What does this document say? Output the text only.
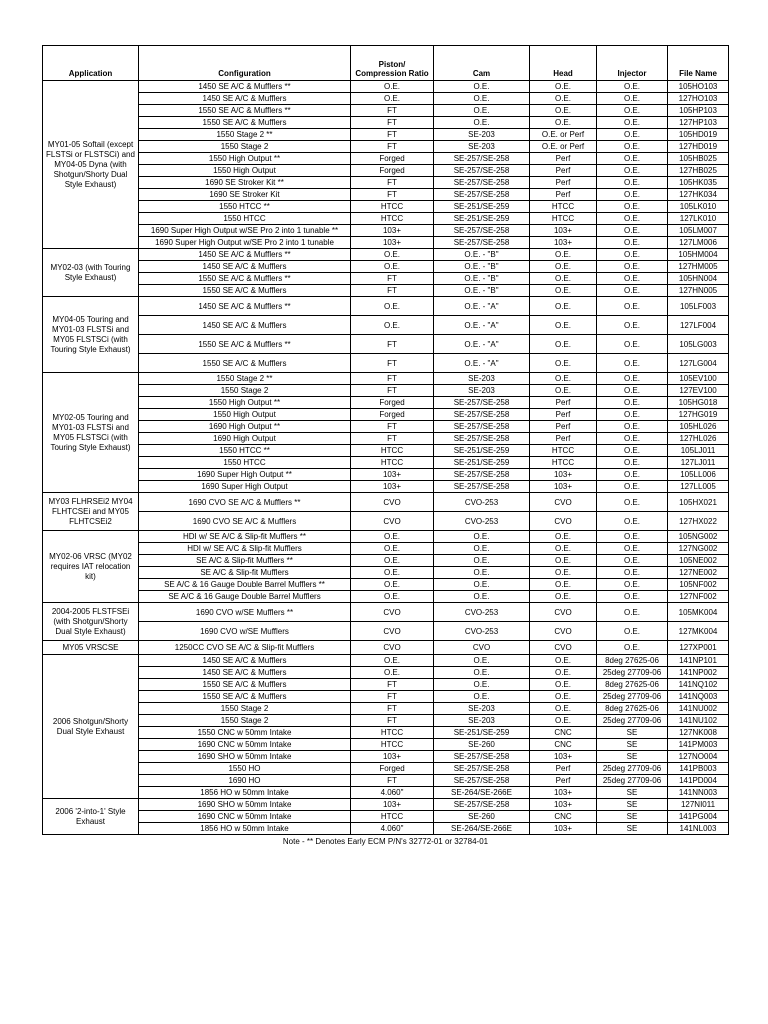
Application	Configuration	Piston/ Compression Ratio	Cam	Head	Injector	File Name
MY01-05 Softail (except FLSTSi or FLSTSCi) and MY04-05 Dyna (with Shotgun/Shorty Dual Style Exhaust)	1450 SE A/C & Mufflers **	O.E.	O.E.	O.E.	O.E.	105HO103
	1450 SE A/C & Mufflers	O.E.	O.E.	O.E.	O.E.	127HO103
	1550 SE A/C & Mufflers **	FT	O.E.	O.E.	O.E.	105HP103
	1550 SE A/C & Mufflers	FT	O.E.	O.E.	O.E.	127HP103
	1550 Stage 2 **	FT	SE-203	O.E. or Perf	O.E.	105HD019
	1550 Stage 2	FT	SE-203	O.E. or Perf	O.E.	127HD019
	1550 High Output **	Forged	SE-257/SE-258	Perf	O.E.	105HB025
	1550 High Output	Forged	SE-257/SE-258	Perf	O.E.	127HB025
	1690 SE Stroker Kit **	FT	SE-257/SE-258	Perf	O.E.	105HK035
	1690 SE Stroker Kit	FT	SE-257/SE-258	Perf	O.E.	127HK034
	1550 HTCC **	HTCC	SE-251/SE-259	HTCC	O.E.	105LK010
	1550 HTCC	HTCC	SE-251/SE-259	HTCC	O.E.	127LK010
	1690 Super High Output w/SE Pro 2 into 1 tunable **	103+	SE-257/SE-258	103+	O.E.	105LM007
	1690 Super High Output w/SE Pro 2 into 1 tunable	103+	SE-257/SE-258	103+	O.E.	127LM006
MY02-03 (with Touring Style Exhaust)	1450 SE A/C & Mufflers **	O.E.	O.E. - "B"	O.E.	O.E.	105HM004
	1450 SE A/C & Mufflers	O.E.	O.E. - "B"	O.E.	O.E.	127HM005
	1550 SE A/C & Mufflers **	FT	O.E. - "B"	O.E.	O.E.	105HN004
	1550 SE A/C & Mufflers	FT	O.E. - "B"	O.E.	O.E.	127HN005
MY04-05 Touring and MY01-03 FLSTSi and MY05 FLSTSCi (with Touring Style Exhaust)	1450 SE A/C & Mufflers **	O.E.	O.E. - "A"	O.E.	O.E.	105LF003
	1450 SE A/C & Mufflers	O.E.	O.E. - "A"	O.E.	O.E.	127LF004
	1550 SE A/C & Mufflers **	FT	O.E. - "A"	O.E.	O.E.	105LG003
	1550 SE A/C & Mufflers	FT	O.E. - "A"	O.E.	O.E.	127LG004
MY02-05 Touring and MY01-03 FLSTSi and MY05 FLSTSCi (with Touring Style Exhaust)	1550 Stage 2 **	FT	SE-203	O.E.	O.E.	105EV100
	1550 Stage 2	FT	SE-203	O.E.	O.E.	127EV100
	1550 High Output **	Forged	SE-257/SE-258	Perf	O.E.	105HG018
	1550 High Output	Forged	SE-257/SE-258	Perf	O.E.	127HG019
	1690 High Output **	FT	SE-257/SE-258	Perf	O.E.	105HL026
	1690 High Output	FT	SE-257/SE-258	Perf	O.E.	127HL026
	1550 HTCC **	HTCC	SE-251/SE-259	HTCC	O.E.	105LJ011
	1550 HTCC	HTCC	SE-251/SE-259	HTCC	O.E.	127LJ011
	1690 Super High Output **	103+	SE-257/SE-258	103+	O.E.	105LL006
	1690 Super High Output	103+	SE-257/SE-258	103+	O.E.	127LL005
MY03 FLHRSEi2 MY04 FLHTCSEi and MY05 FLHTCSEi2	1690 CVO SE A/C & Mufflers **	CVO	CVO-253	CVO	O.E.	105HX021
	1690 CVO SE A/C & Mufflers	CVO	CVO-253	CVO	O.E.	127HX022
MY02-06 VRSC (MY02 requires IAT relocation kit)	HDI w/ SE A/C & Slip-fit Mufflers **	O.E.	O.E.	O.E.	O.E.	105NG002
	HDI w/ SE A/C & Slip-fit Mufflers	O.E.	O.E.	O.E.	O.E.	127NG002
	SE A/C & Slip-fit Mufflers **	O.E.	O.E.	O.E.	O.E.	105NE002
	SE A/C & Slip-fit Mufflers	O.E.	O.E.	O.E.	O.E.	127NE002
	SE A/C & 16 Gauge Double Barrel Mufflers **	O.E.	O.E.	O.E.	O.E.	105NF002
	SE A/C & 16 Gauge Double Barrel Mufflers	O.E.	O.E.	O.E.	O.E.	127NF002
2004-2005 FLSTFSEi (with Shotgun/Shorty Dual Style Exhaust)	1690 CVO w/SE Mufflers **	CVO	CVO-253	CVO	O.E.	105MK004
	1690 CVO w/SE Mufflers	CVO	CVO-253	CVO	O.E.	127MK004
MY05 VRSCSE	1250CC CVO SE A/C & Slip-fit Mufflers	CVO	CVO	CVO	O.E.	127XP001
2006 Shotgun/Shorty Dual Style Exhaust	1450 SE A/C & Mufflers	O.E.	O.E.	O.E.	8deg 27625-06	141NP101
	1450 SE A/C & Mufflers	O.E.	O.E.	O.E.	25deg 27709-06	141NP002
	1550 SE A/C & Mufflers	FT	O.E.	O.E.	8deg 27625-06	141NQ102
	1550 SE A/C & Mufflers	FT	O.E.	O.E.	25deg 27709-06	141NQ003
	1550 Stage 2	FT	SE-203	O.E.	8deg 27625-06	141NU002
	1550 Stage 2	FT	SE-203	O.E.	25deg 27709-06	141NU102
	1550 CNC w 50mm Intake	HTCC	SE-251/SE-259	CNC	SE	127NK008
	1690 CNC w 50mm Intake	HTCC	SE-260	CNC	SE	141PM003
	1690 SHO w 50mm Intake	103+	SE-257/SE-258	103+	SE	127NO004
	1550 HO	Forged	SE-257/SE-258	Perf	25deg 27709-06	141PB003
	1690 HO	FT	SE-257/SE-258	Perf	25deg 27709-06	141PD004
	1856 HO w 50mm Intake	4.060"	SE-264/SE-266E	103+	SE	141NN003
2006 '2-into-1' Style Exhaust	1690 SHO w 50mm Intake	103+	SE-257/SE-258	103+	SE	127NI011
	1690 CNC w 50mm Intake	HTCC	SE-260	CNC	SE	141PG004
	1856 HO w 50mm Intake	4.060"	SE-264/SE-266E	103+	SE	141NL003
Note - ** Denotes Early ECM P/N's 32772-01 or 32784-01						
